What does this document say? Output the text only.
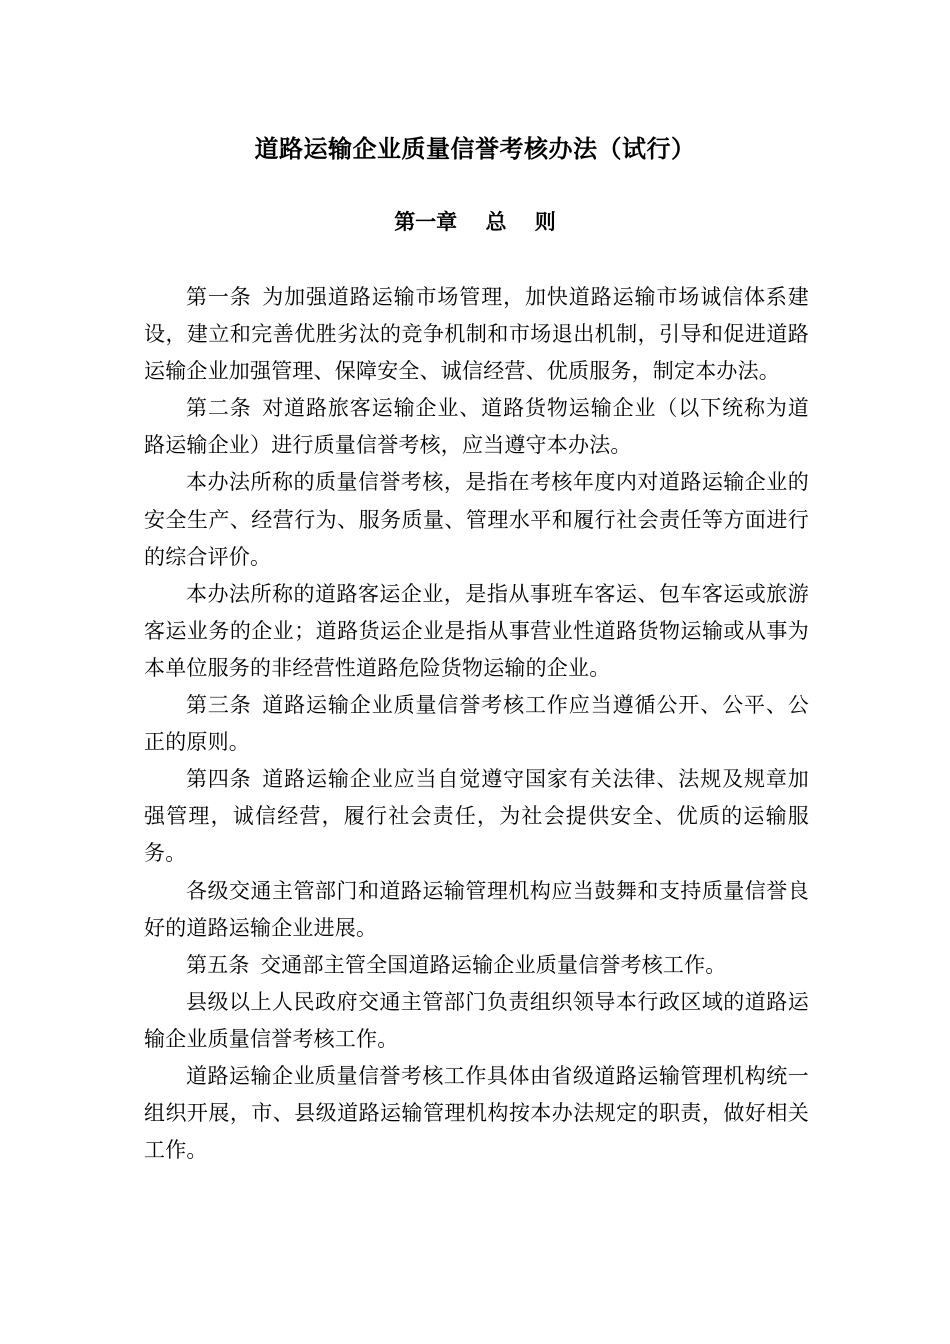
道路运输企业质量信誉考核办法（试行）
第一章　 总　 则

第一条 为加强道路运输市场管理，加快道路运输市场诚信体系建设，建立和完善优胜劣汰的竞争机制和市场退出机制，引导和促进道路运输企业加强管理、保障安全、诚信经营、优质服务，制定本办法。

第二条 对道路旅客运输企业、道路货物运输企业（以下统称为道路运输企业）进行质量信誉考核，应当遵守本办法。

本办法所称的质量信誉考核，是指在考核年度内对道路运输企业的安全生产、经营行为、服务质量、管理水平和履行社会责任等方面进行的综合评价。

本办法所称的道路客运企业，是指从事班车客运、包车客运或旅游客运业务的企业；道路货运企业是指从事营业性道路货物运输或从事为本单位服务的非经营性道路危险货物运输的企业。

第三条 道路运输企业质量信誉考核工作应当遵循公开、公平、公正的原则。

第四条 道路运输企业应当自觉遵守国家有关法律、法规及规章加强管理，诚信经营，履行社会责任，为社会提供安全、优质的运输服务。

各级交通主管部门和道路运输管理机构应当鼓舞和支持质量信誉良好的道路运输企业进展。

第五条 交通部主管全国道路运输企业质量信誉考核工作。

县级以上人民政府交通主管部门负责组织领导本行政区域的道路运输企业质量信誉考核工作。

道路运输企业质量信誉考核工作具体由省级道路运输管理机构统一组织开展，市、县级道路运输管理机构按本办法规定的职责，做好相关工作。
